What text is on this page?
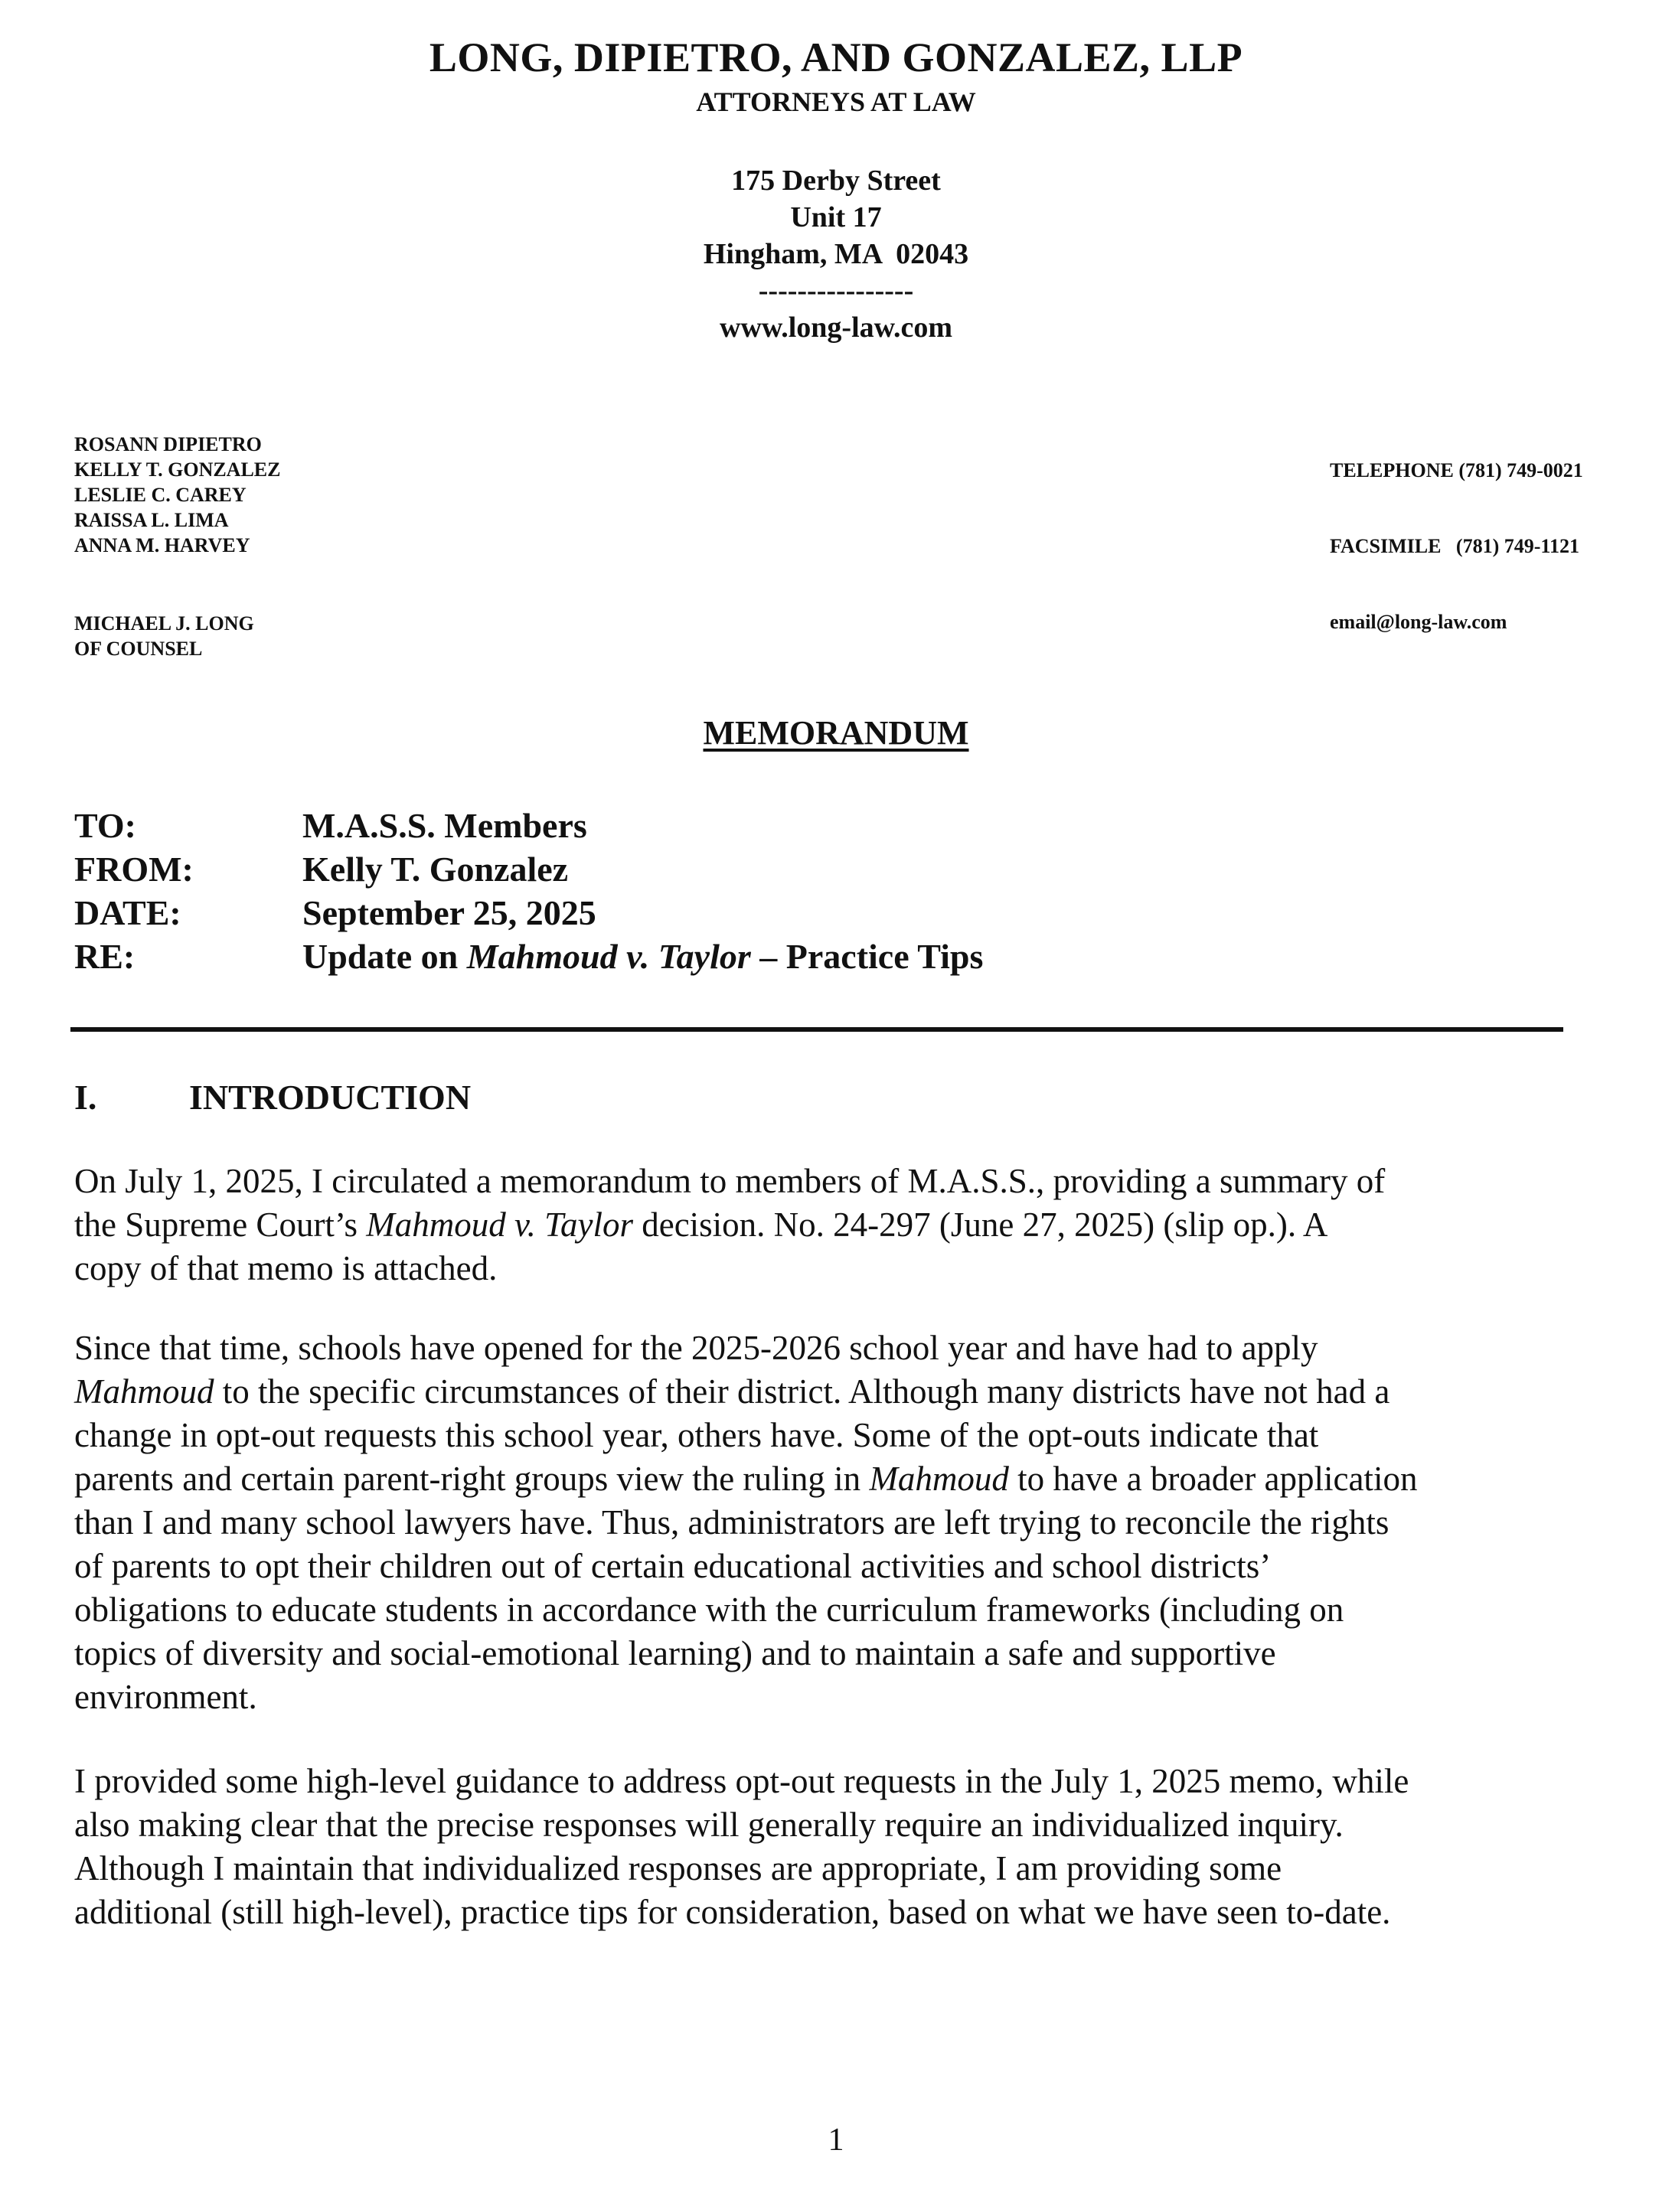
LONG, DIPIETRO, AND GONZALEZ, LLP
ATTORNEYS AT LAW
175 Derby Street
Unit 17
Hingham, MA  02043
----------------
www.long-law.com
ROSANN DIPIETRO
KELLY T. GONZALEZ
LESLIE C. CAREY
RAISSA L. LIMA
ANNA M. HARVEY
MICHAEL J. LONG
OF COUNSEL

TELEPHONE (781) 749-0021

FACSIMILE   (781) 749-1121

email@long-law.com

MEMORANDUM
TO:	M.A.S.S. Members
FROM:	Kelly T. Gonzalez
DATE:	September 25, 2025
RE:	Update on Mahmoud v. Taylor – Practice Tips
I.	INTRODUCTION
On July 1, 2025, I circulated a memorandum to members of M.A.S.S., providing a summary of
the Supreme Court’s Mahmoud v. Taylor decision. No. 24-297 (June 27, 2025) (slip op.). A
copy of that memo is attached.
Since that time, schools have opened for the 2025-2026 school year and have had to apply
Mahmoud to the specific circumstances of their district. Although many districts have not had a
change in opt-out requests this school year, others have. Some of the opt-outs indicate that
parents and certain parent-right groups view the ruling in Mahmoud to have a broader application
than I and many school lawyers have. Thus, administrators are left trying to reconcile the rights
of parents to opt their children out of certain educational activities and school districts’
obligations to educate students in accordance with the curriculum frameworks (including on
topics of diversity and social-emotional learning) and to maintain a safe and supportive
environment.
I provided some high-level guidance to address opt-out requests in the July 1, 2025 memo, while
also making clear that the precise responses will generally require an individualized inquiry.
Although I maintain that individualized responses are appropriate, I am providing some
additional (still high-level), practice tips for consideration, based on what we have seen to-date.
1
